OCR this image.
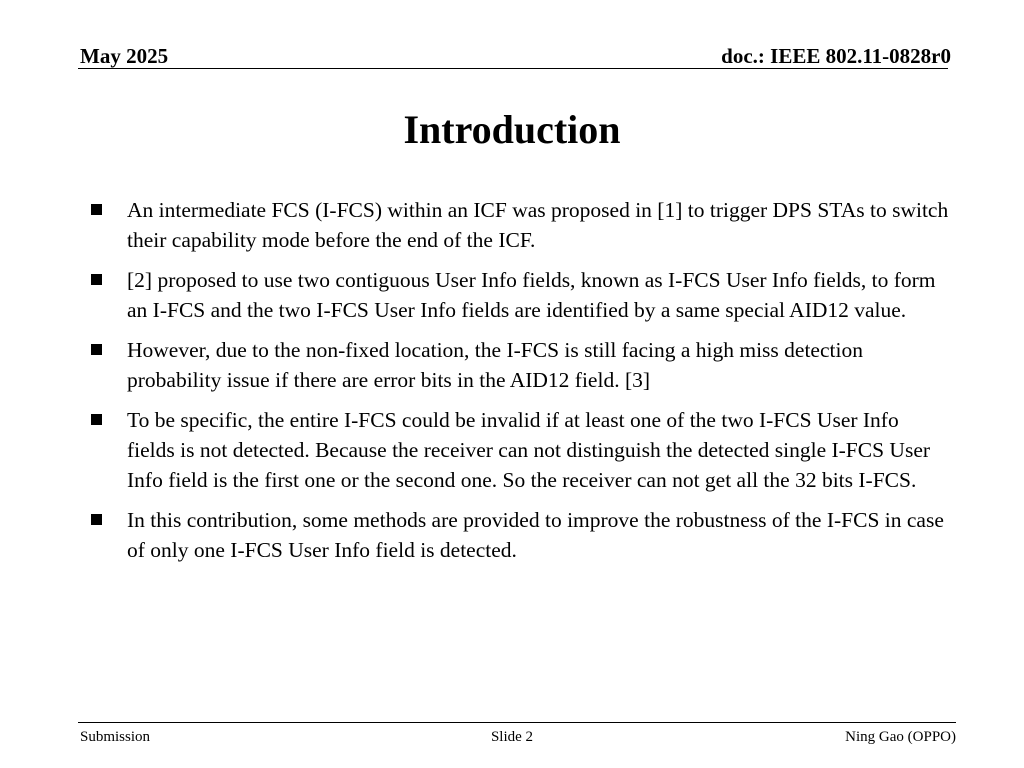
May 2025	doc.: IEEE 802.11-0828r0
Introduction
An intermediate FCS (I-FCS) within an ICF was proposed in [1] to trigger DPS STAs to switch their capability mode before the end of the ICF.
[2] proposed to use two contiguous User Info fields, known as I-FCS User Info fields, to form an I-FCS and the two I-FCS User Info fields are identified by a same special AID12 value.
However, due to the non-fixed location, the I-FCS is still facing a high miss detection probability issue if there are error bits in the AID12 field. [3]
To be specific, the entire I-FCS could be invalid if at least one of the two I-FCS User Info fields is not detected. Because the receiver can not distinguish the detected single I-FCS User Info field is the first one or the second one. So the receiver can not get all the 32 bits I-FCS.
In this contribution, some methods are provided to improve the robustness of the I-FCS in case of only one I-FCS User Info field is detected.
Submission	Slide 2	Ning Gao (OPPO)
